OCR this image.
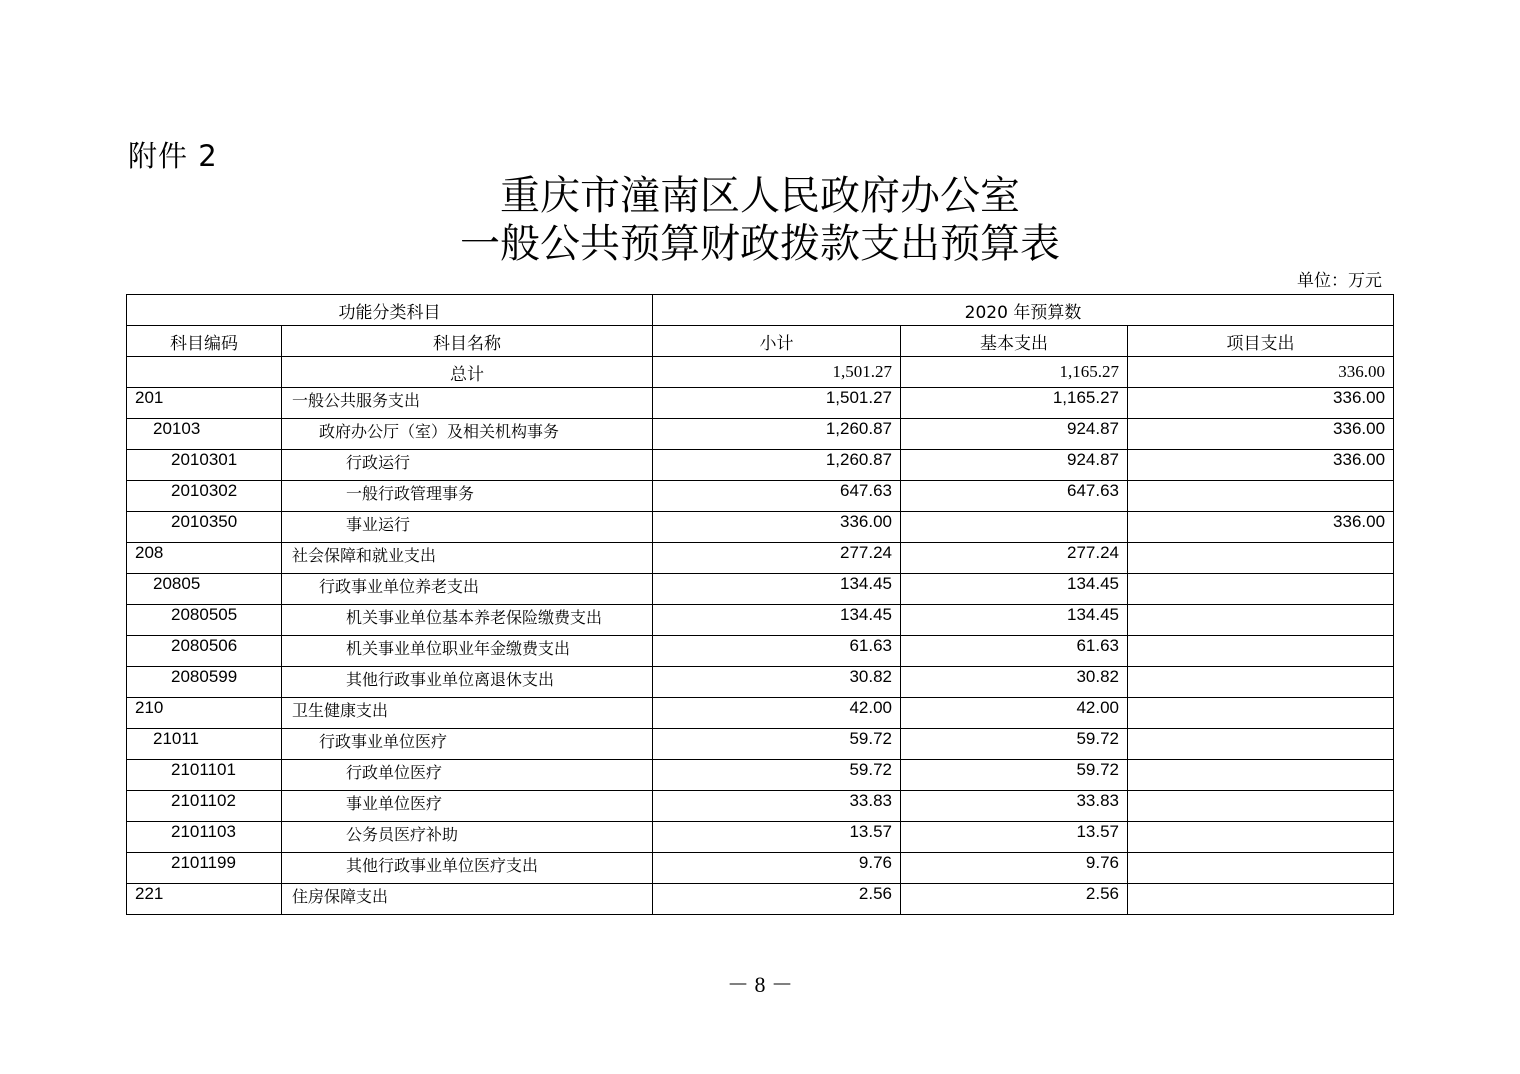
附件 2
重庆市潼南区人民政府办公室
一般公共预算财政拨款支出预算表
单位：万元
功能分类科目		2020 年预算数		
科目编码	科目名称	小计	基本支出	项目支出
	总计	1,501.27	1,165.27	336.00
201	一般公共服务支出	1,501.27	1,165.27	336.00
20103	政府办公厅（室）及相关机构事务	1,260.87	924.87	336.00
2010301	行政运行	1,260.87	924.87	336.00
2010302	一般行政管理事务	647.63	647.63	
2010350	事业运行	336.00		336.00
208	社会保障和就业支出	277.24	277.24	
20805	行政事业单位养老支出	134.45	134.45	
2080505	机关事业单位基本养老保险缴费支出	134.45	134.45	
2080506	机关事业单位职业年金缴费支出	61.63	61.63	
2080599	其他行政事业单位离退休支出	30.82	30.82	
210	卫生健康支出	42.00	42.00	
21011	行政事业单位医疗	59.72	59.72	
2101101	行政单位医疗	59.72	59.72	
2101102	事业单位医疗	33.83	33.83	
2101103	公务员医疗补助	13.57	13.57	
2101199	其他行政事业单位医疗支出	9.76	9.76	
221	住房保障支出	2.56	2.56	
－ 8 －
